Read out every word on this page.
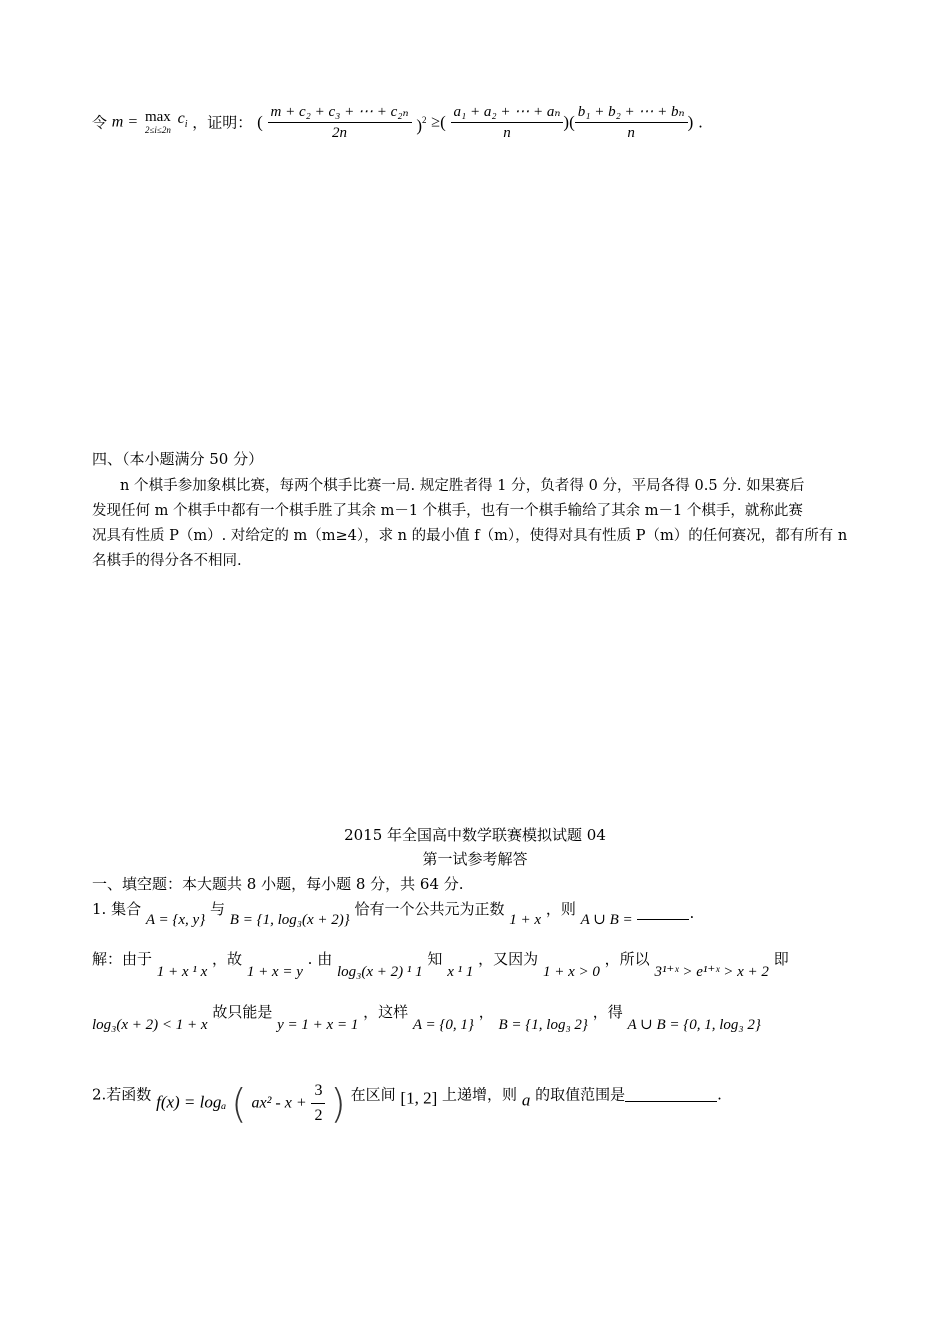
令 m = max
2≤i≤2n
$c_i$ ，证明： ( $\frac{\text{m + c₂ + c₃ + ⋯ + c₂ₙ}}{2n} )^2$ ≥( $\frac{\text{a₁ + a₂ + ⋯ + aₙ}}{n}$ )( $\frac{\text{b₁ + b₂ + ⋯ + bₙ}}{n}$ ) .
四、（本小题满分 50 分）
n 个棋手参加象棋比赛，每两个棋手比赛一局. 规定胜者得 1 分，负者得 0 分，平局各得 0.5 分. 如果赛后
发现任何 m 个棋手中都有一个棋手胜了其余 m－1 个棋手，也有一个棋手输给了其余 m－1 个棋手，就称此赛
况具有性质 P（m）. 对给定的 m（m≥4），求 n 的最小值 f（m），使得对具有性质 P（m）的任何赛况，都有所有 n
名棋手的得分各不相同.
2015 年全国高中数学联赛模拟试题 04
第一试参考解答
一、填空题：本大题共 8 小题，每小题 8 分，共 64 分.
1. 集合 A = {x, y} 与 B = {1, log₃(x + 2)} 恰有一个公共元为正数 1 + x ，则 A ∪ B =	.
解：由于 1 + x ¹ x ，故 1 + x = y . 由 log₃(x + 2) ¹ 1 知 x ¹ 1 ，又因为 1 + x > 0 ，所以 3¹⁺ˣ > e¹⁺ˣ > x + 2 即
log₃(x + 2) < 1 + x 故只能是 y = 1 + x = 1 ，这样 A = {0, 1} ， B = {1, log₃ 2} ，得 A ∪ B = {0, 1, log₃ 2}
2.若函数 f(x) = logₐ ( $ax^2 - x + \frac{3}{2}$ ) 在区间 [1, 2] 上递增，则 a 的取值范围是	.
